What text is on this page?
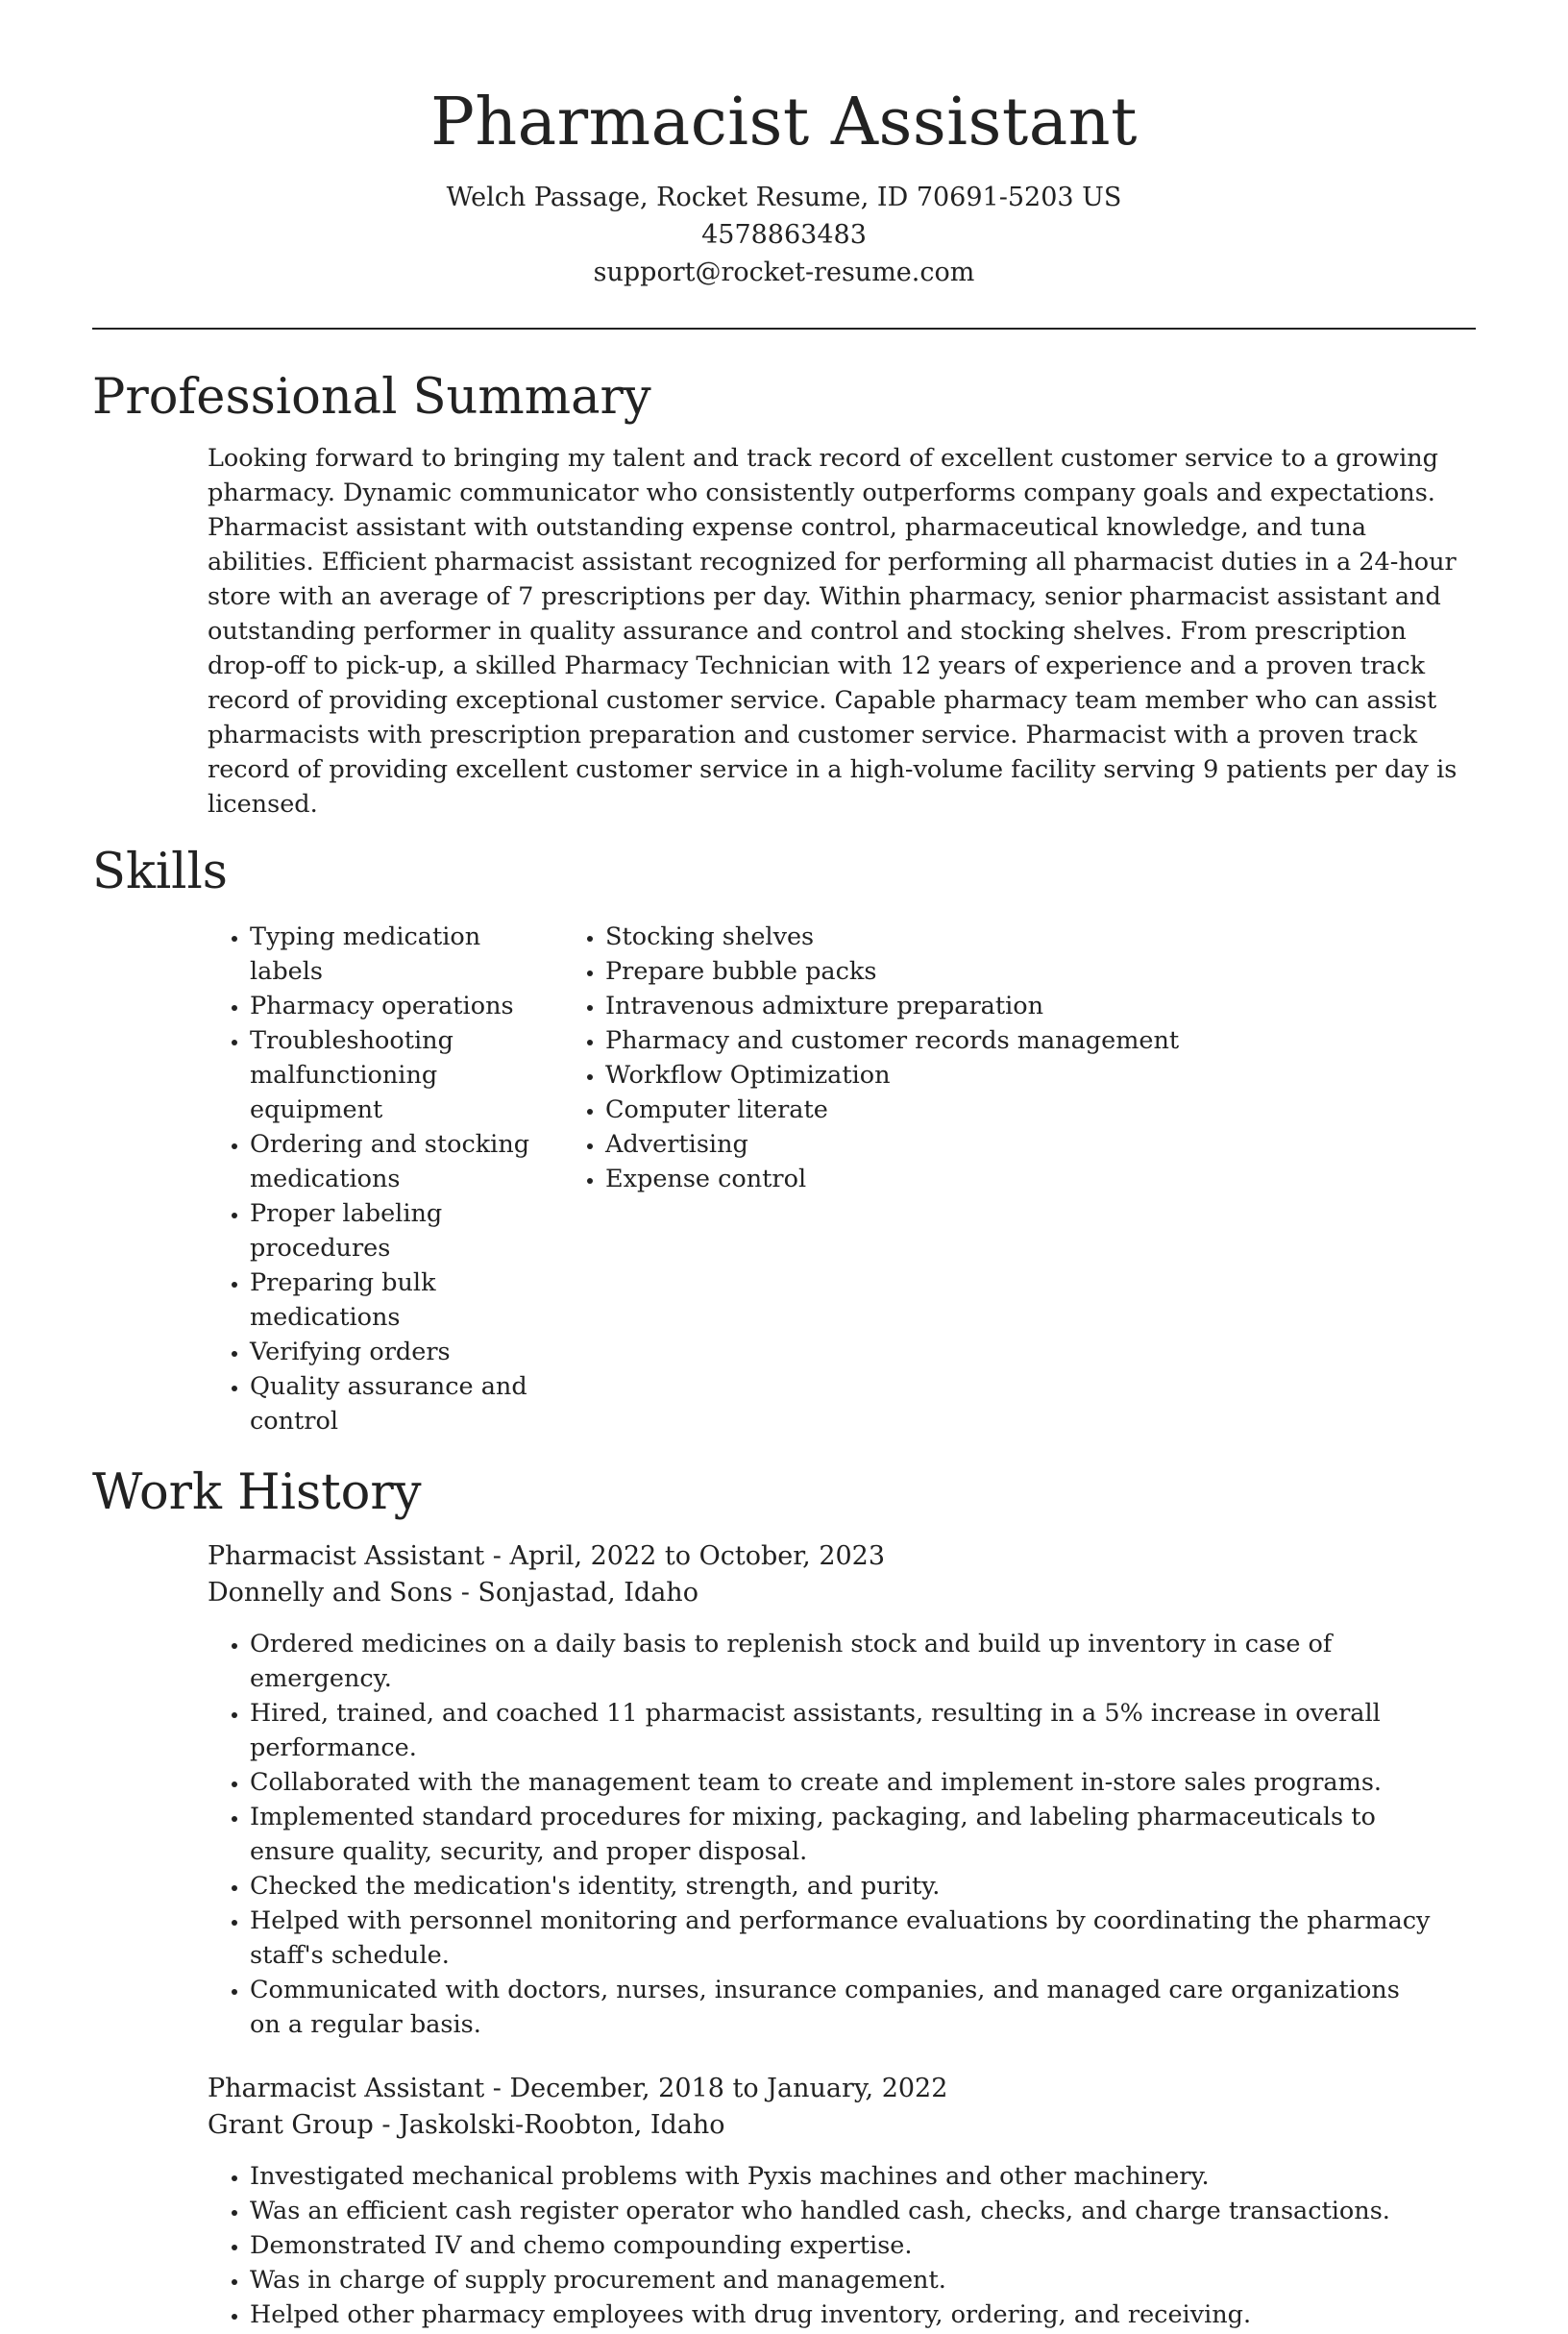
Pharmacist Assistant
Welch Passage, Rocket Resume, ID 70691-5203 US
4578863483
support@rocket-resume.com
Professional Summary
Looking forward to bringing my talent and track record of excellent customer service to a growing pharmacy. Dynamic communicator who consistently outperforms company goals and expectations. Pharmacist assistant with outstanding expense control, pharmaceutical knowledge, and tuna abilities. Efficient pharmacist assistant recognized for performing all pharmacist duties in a 24-hour store with an average of 7 prescriptions per day. Within pharmacy, senior pharmacist assistant and outstanding performer in quality assurance and control and stocking shelves. From prescription drop-off to pick-up, a skilled Pharmacy Technician with 12 years of experience and a proven track record of providing exceptional customer service. Capable pharmacy team member who can assist pharmacists with prescription preparation and customer service. Pharmacist with a proven track record of providing excellent customer service in a high-volume facility serving 9 patients per day is licensed.
Skills
• Typing medication labels
• Pharmacy operations
• Troubleshooting malfunctioning equipment
• Ordering and stocking medications
• Proper labeling procedures
• Preparing bulk medications
• Verifying orders
• Quality assurance and control
• Stocking shelves
• Prepare bubble packs
• Intravenous admixture preparation
• Pharmacy and customer records management
• Workflow Optimization
• Computer literate
• Advertising
• Expense control
Work History
Pharmacist Assistant - April, 2022 to October, 2023
Donnelly and Sons - Sonjastad, Idaho
• Ordered medicines on a daily basis to replenish stock and build up inventory in case of emergency.
• Hired, trained, and coached 11 pharmacist assistants, resulting in a 5% increase in overall performance.
• Collaborated with the management team to create and implement in-store sales programs.
• Implemented standard procedures for mixing, packaging, and labeling pharmaceuticals to ensure quality, security, and proper disposal.
• Checked the medication's identity, strength, and purity.
• Helped with personnel monitoring and performance evaluations by coordinating the pharmacy staff's schedule.
• Communicated with doctors, nurses, insurance companies, and managed care organizations on a regular basis.
Pharmacist Assistant - December, 2018 to January, 2022
Grant Group - Jaskolski-Roobton, Idaho
• Investigated mechanical problems with Pyxis machines and other machinery.
• Was an efficient cash register operator who handled cash, checks, and charge transactions.
• Demonstrated IV and chemo compounding expertise.
• Was in charge of supply procurement and management.
• Helped other pharmacy employees with drug inventory, ordering, and receiving.
